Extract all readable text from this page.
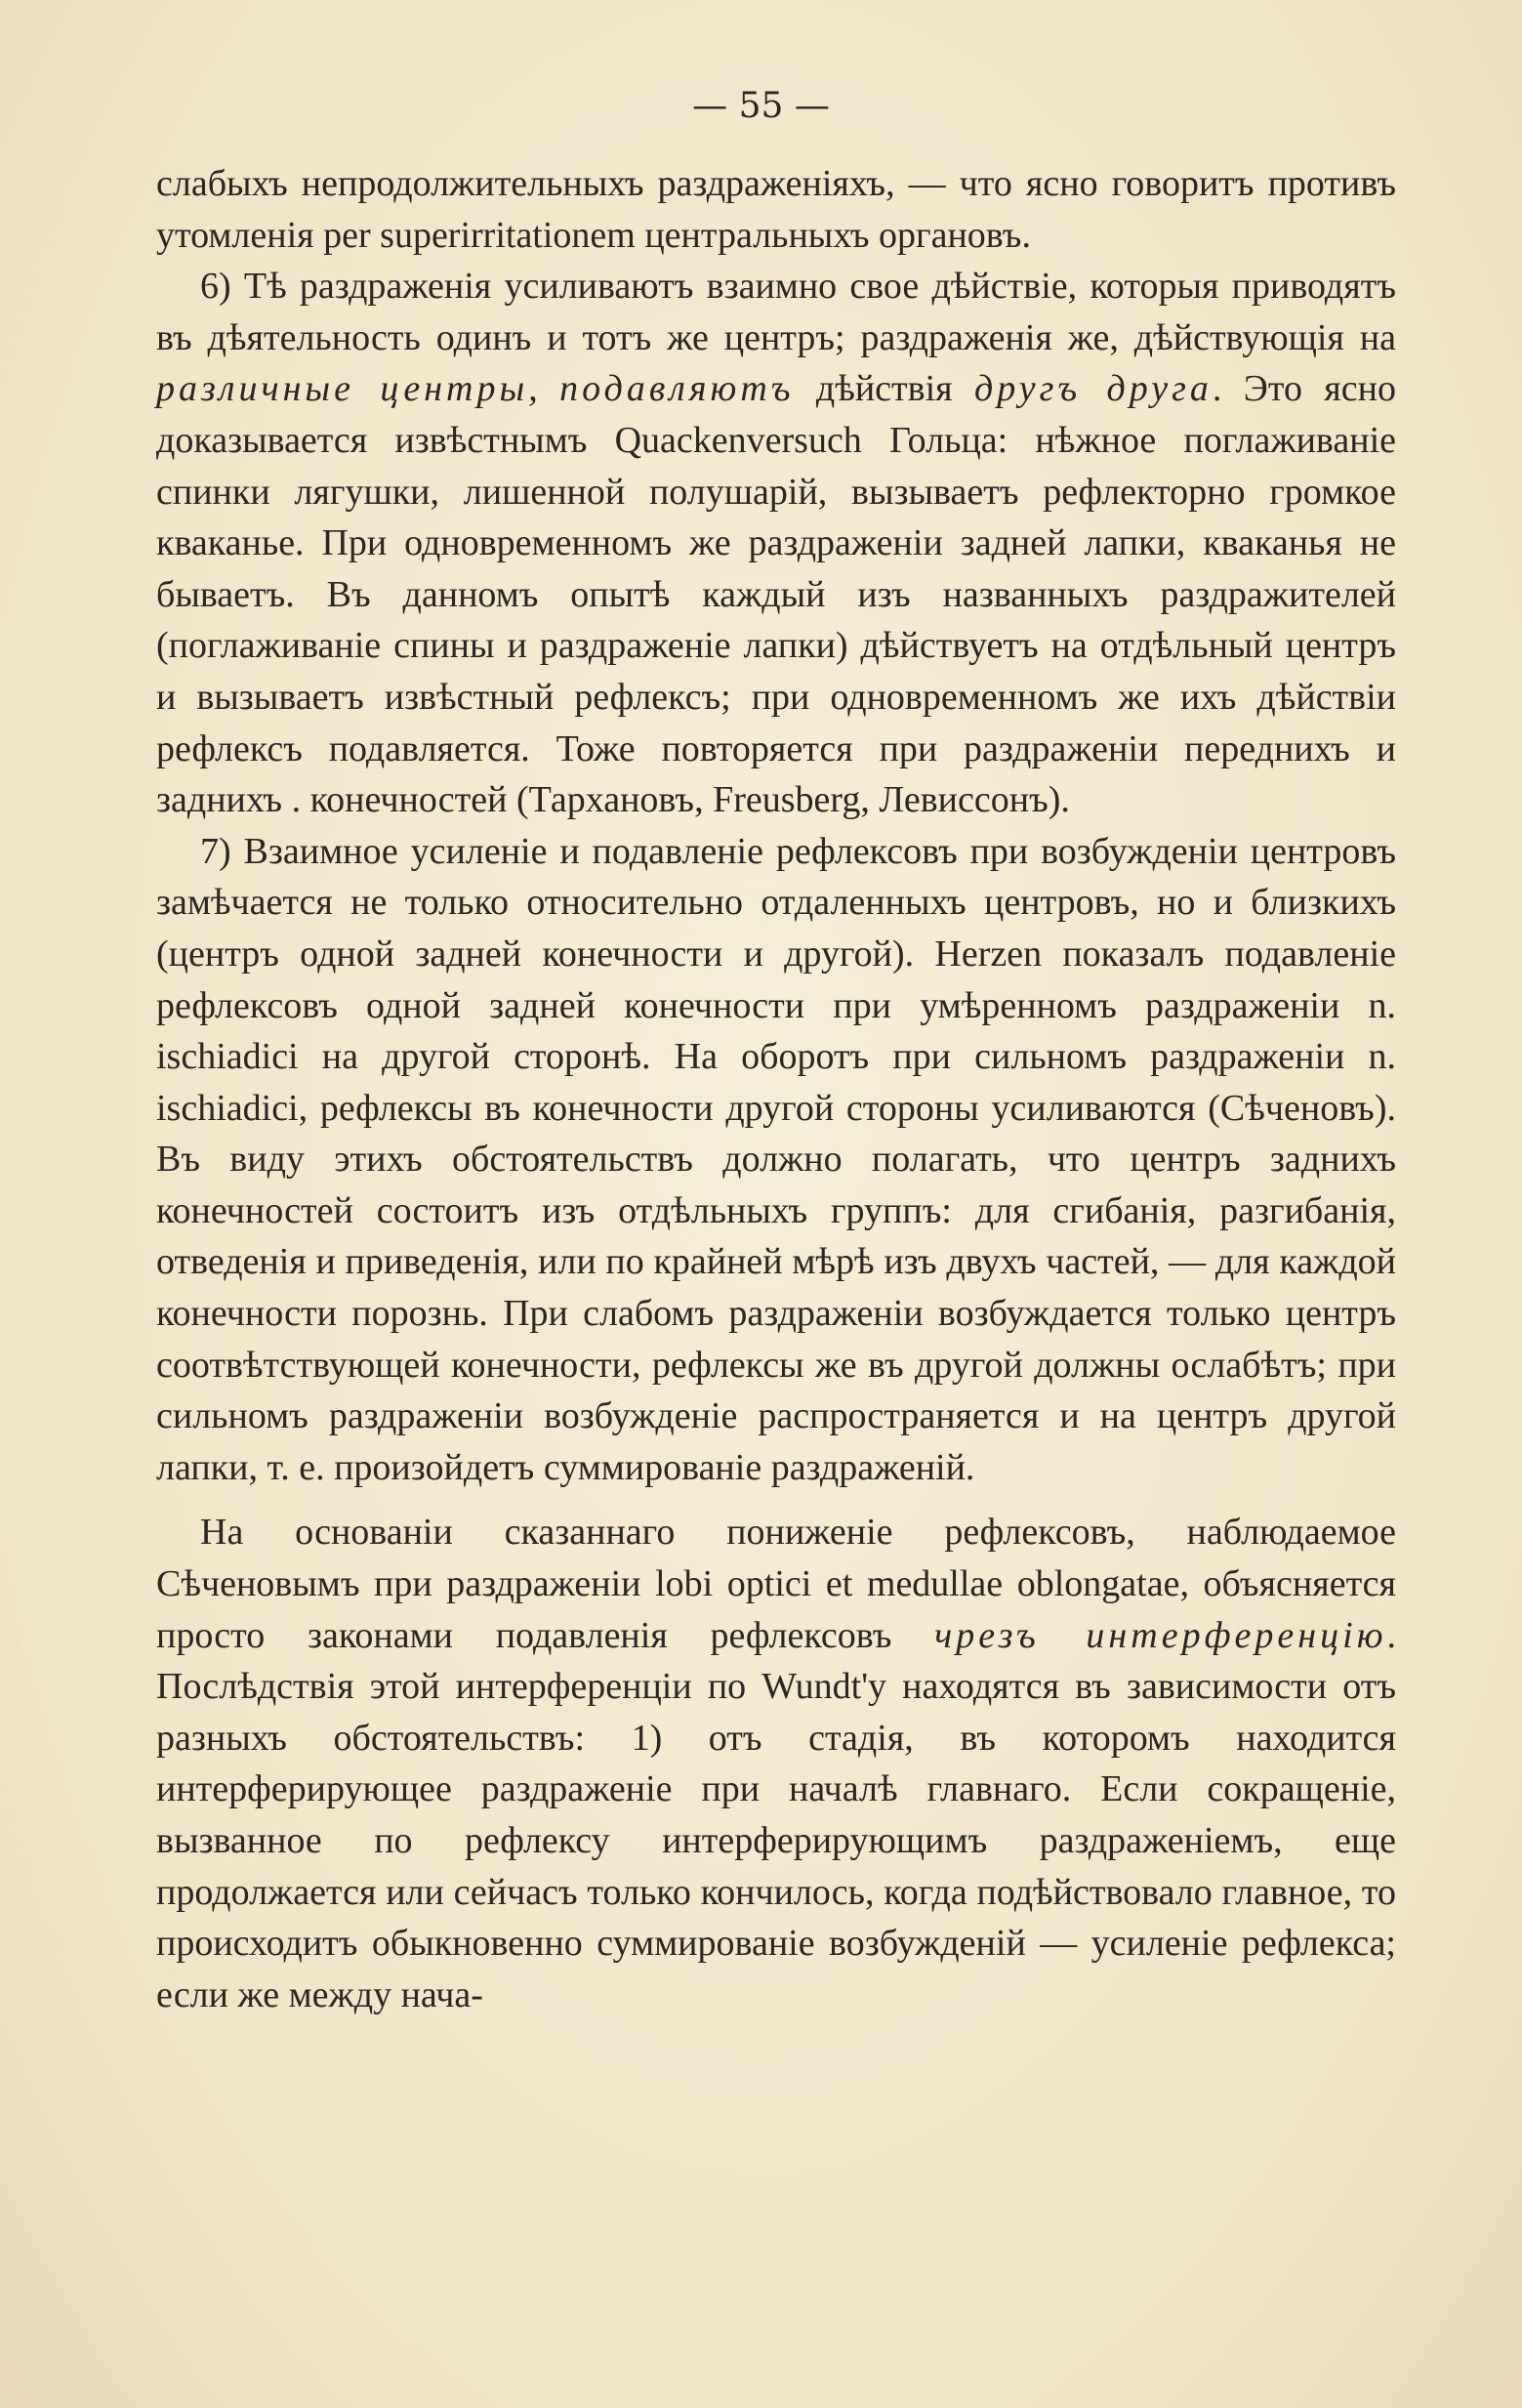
— 55 —

слабыхъ непродолжительныхъ раздраженіяхъ, — что ясно говоритъ противъ утомленія per superirritationem центральныхъ органовъ.

6) Тѣ раздраженія усиливаютъ взаимно свое дѣйствіе, которыя приводятъ въ дѣятельность одинъ и тотъ же центръ; раздраженія же, дѣйствующія на различные центры, подавляютъ дѣйствія другъ друга. Это ясно доказывается извѣстнымъ Quackenversuch Гольца: нѣжное поглаживаніе спинки лягушки, лишенной полушарій, вызываетъ рефлекторно громкое кваканье. При одновременномъ же раздраженіи задней лапки, кваканья не бываетъ. Въ данномъ опытѣ каждый изъ названныхъ раздражителей (поглаживаніе спины и раздраженіе лапки) дѣйствуетъ на отдѣльный центръ и вызываетъ извѣстный рефлексъ; при одновременномъ же ихъ дѣйствіи рефлексъ подавляется. Тоже повторяется при раздраженіи переднихъ и заднихъ . конечностей (Тархановъ, Freusberg, Левиссонъ).

7) Взаимное усиленіе и подавленіе рефлексовъ при возбужденіи центровъ замѣчается не только относительно отдаленныхъ центровъ, но и близкихъ (центръ одной задней конечности и другой). Herzen показалъ подавленіе рефлексовъ одной задней конечности при умѣренномъ раздраженіи n. ischiadici на другой сторонѣ. На оборотъ при сильномъ раздраженіи n. ischiadici, рефлексы въ конечности другой стороны усиливаются (Сѣченовъ). Въ виду этихъ обстоятельствъ должно полагать, что центръ заднихъ конечностей состоитъ изъ отдѣльныхъ группъ: для сгибанія, разгибанія, отведенія и приведенія, или по крайней мѣрѣ изъ двухъ частей, — для каждой конечности порознь. При слабомъ раздраженіи возбуждается только центръ соотвѣтствующей конечности, рефлексы же въ другой должны ослабѣтъ; при сильномъ раздраженіи возбужденіе распространяется и на центръ другой лапки, т. е. произойдетъ суммированіе раздраженій.

На основаніи сказаннаго пониженіе рефлексовъ, наблюдаемое Сѣченовымъ при раздраженіи lobi optici et medullae oblongatae, объясняется просто законами подавленія рефлексовъ чрезъ интерференцію. Послѣдствія этой интерференціи по Wundt'у находятся въ зависимости отъ разныхъ обстоятельствъ: 1) отъ стадія, въ которомъ находится интерферирующее раздраженіе при началѣ главнаго. Если сокращеніе, вызванное по рефлексу интерферирующимъ раздраженіемъ, еще продолжается или сейчасъ только кончилось, когда подѣйствовало главное, то происходитъ обыкновенно суммированіе возбужденій — усиленіе рефлекса; если же между нача-
